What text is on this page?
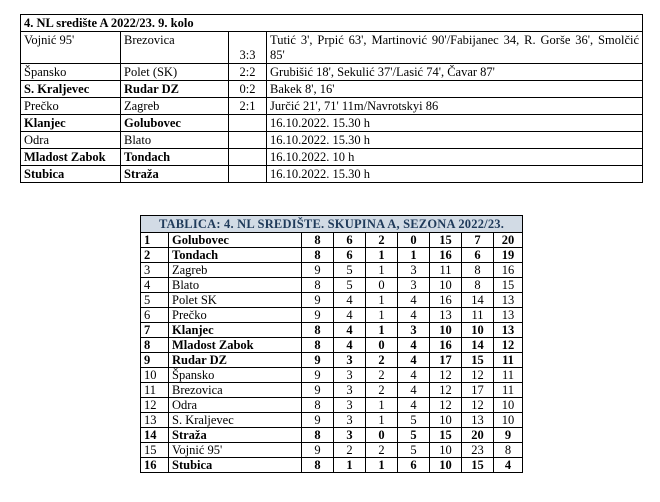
4. NL središte A 2022/23. 9. kolo			
Vojnić 95'	Brezovica	3:3	Tutić 3', Prpić 63', Martinović 90'/Fabijanec 34, R. Gorše 36', Smolčić 85'
Špansko	Polet (SK)	2:2	Grubišić 18', Sekulić 37'/Lasić 74', Čavar 87'
S. Kraljevec	Rudar DZ	0:2	Bakek 8', 16'
Prečko	Zagreb	2:1	Jurčić 21', 71' 11m/Navrotskyi 86
Klanjec	Golubovec		16.10.2022. 15.30 h
Odra	Blato		16.10.2022. 15.30 h
Mladost Zabok	Tondach		16.10.2022. 10 h
Stubica	Straža		16.10.2022. 15.30 h
TABLICA: 4. NL SREDIŠTE. SKUPINA A, SEZONA 2022/23.								
1	Golubovec	8	6	2	0	15	7	20
2	Tondach	8	6	1	1	16	6	19
3	Zagreb	9	5	1	3	11	8	16
4	Blato	8	5	0	3	10	8	15
5	Polet SK	9	4	1	4	16	14	13
6	Prečko	9	4	1	4	13	11	13
7	Klanjec	8	4	1	3	10	10	13
8	Mladost Zabok	8	4	0	4	16	14	12
9	Rudar DZ	9	3	2	4	17	15	11
10	Špansko	9	3	2	4	12	12	11
11	Brezovica	9	3	2	4	12	17	11
12	Odra	8	3	1	4	12	12	10
13	S. Kraljevec	9	3	1	5	10	13	10
14	Straža	8	3	0	5	15	20	9
15	Vojnić 95'	9	2	2	5	10	23	8
16	Stubica	8	1	1	6	10	15	4
